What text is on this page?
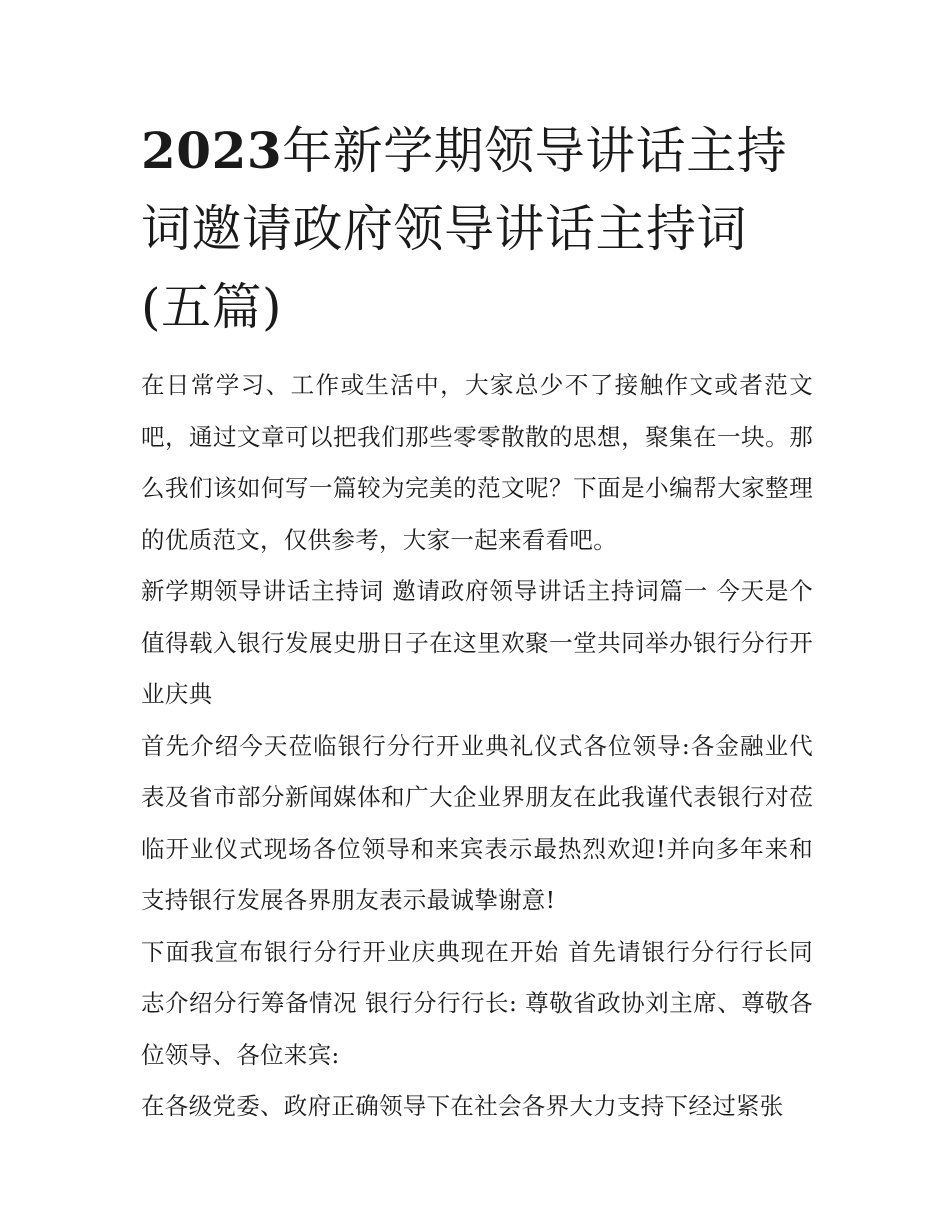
2023年新学期领导讲话主持词邀请政府领导讲话主持词(五篇)

在日常学习、工作或生活中，大家总少不了接触作文或者范文吧，通过文章可以把我们那些零零散散的思想，聚集在一块。那么我们该如何写一篇较为完美的范文呢？下面是小编帮大家整理的优质范文，仅供参考，大家一起来看看吧。

新学期领导讲话主持词 邀请政府领导讲话主持词篇一 今天是个值得载入银行发展史册日子在这里欢聚一堂共同举办银行分行开业庆典

首先介绍今天莅临银行分行开业典礼仪式各位领导:各金融业代表及省市部分新闻媒体和广大企业界朋友在此我谨代表银行对莅临开业仪式现场各位领导和来宾表示最热烈欢迎!并向多年来和支持银行发展各界朋友表示最诚挚谢意!

下面我宣布银行分行开业庆典现在开始 首先请银行分行行长同志介绍分行筹备情况 银行分行行长: 尊敬省政协刘主席、尊敬各位领导、各位来宾:

在各级党委、政府正确领导下在社会各界大力支持下经过紧张
